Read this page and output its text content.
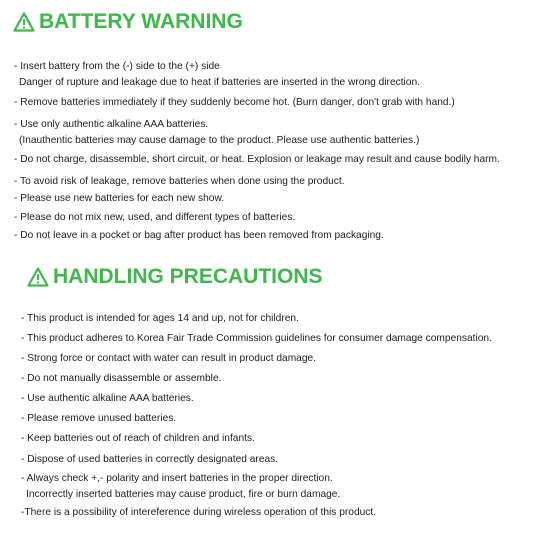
BATTERY WARNING
- Insert battery from the (-) side to the (+) side
Danger of rupture and leakage due to heat if batteries are inserted in the wrong direction.
- Remove batteries immediately if they suddenly become hot. (Burn danger, don't grab with hand.)
- Use only authentic alkaline AAA batteries.
(Inauthentic batteries may cause damage to the product. Please use authentic batteries.)
- Do not charge, disassemble, short circuit, or heat. Explosion or leakage may result and cause bodily harm.
- To avoid risk of leakage, remove batteries when done using the product.
- Please use new batteries for each new show.
- Please do not mix new, used, and different types of batteries.
- Do not leave in a pocket or bag after product has been removed from packaging.
HANDLING PRECAUTIONS
- This product is intended for ages 14 and up, not for children.
- This product adheres to Korea Fair Trade Commission guidelines for consumer damage compensation.
- Strong force or contact with water can result in product damage.
- Do not manually disassemble or assemble.
- Use authentic alkaline AAA batteries.
- Please remove unused batteries.
- Keep batteries out of reach of children and infants.
- Dispose of used batteries in correctly designated areas.
- Always check +,- polarity and insert batteries in the proper direction.
Incorrectly inserted batteries may cause product, fire or burn damage.
-There is a possibility of intereference during wireless operation of this product.
